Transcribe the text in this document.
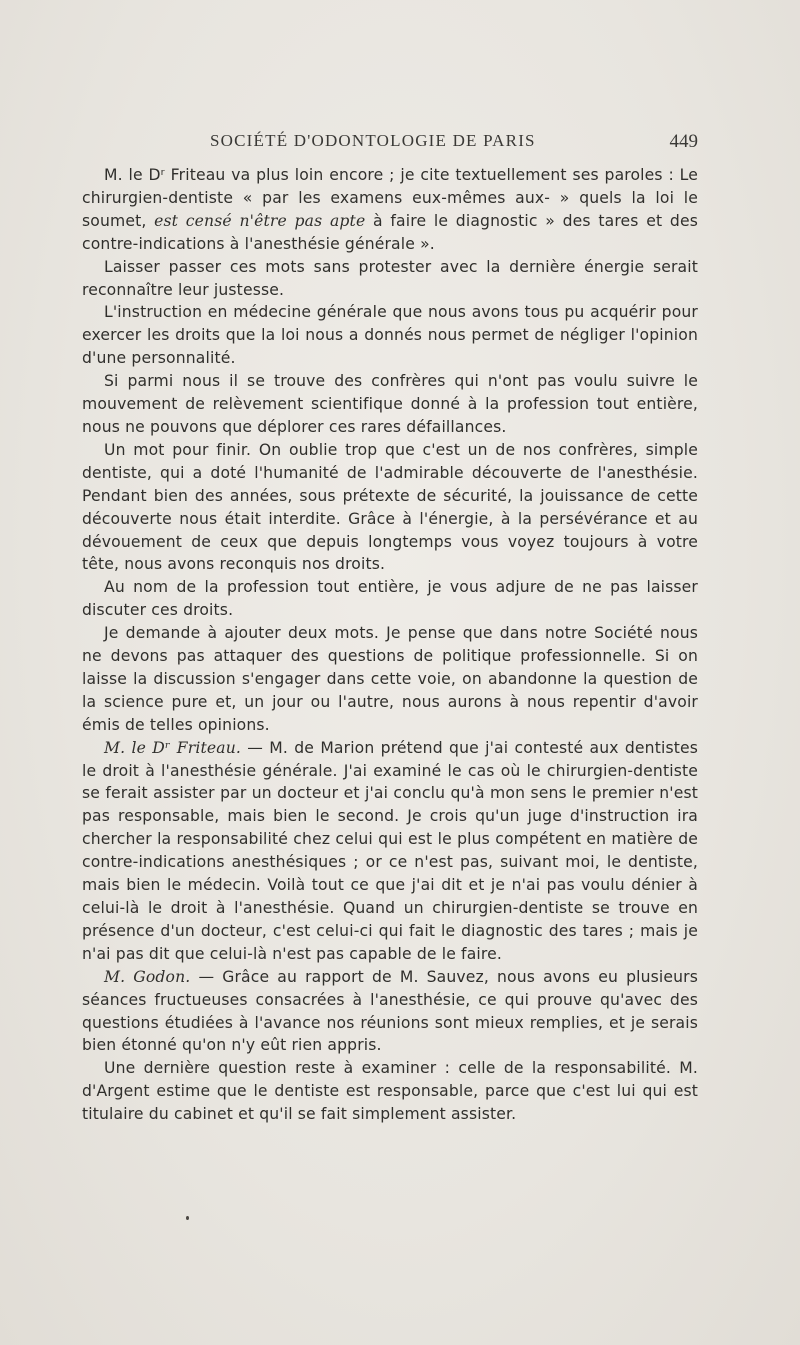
SOCIÉTÉ D'ODONTOLOGIE DE PARIS	449

M. le Dʳ Friteau va plus loin encore ; je cite textuellement ses paroles : Le chirurgien-dentiste « par les examens eux-mêmes aux- » quels la loi le soumet, est censé n'être pas apte à faire le diagnostic » des tares et des contre-indications à l'anesthésie générale ».

Laisser passer ces mots sans protester avec la dernière énergie serait reconnaître leur justesse.

L'instruction en médecine générale que nous avons tous pu acquérir pour exercer les droits que la loi nous a donnés nous permet de négliger l'opinion d'une personnalité.

Si parmi nous il se trouve des confrères qui n'ont pas voulu suivre le mouvement de relèvement scientifique donné à la profession tout entière, nous ne pouvons que déplorer ces rares défaillances.

Un mot pour finir. On oublie trop que c'est un de nos confrères, simple dentiste, qui a doté l'humanité de l'admirable découverte de l'anesthésie. Pendant bien des années, sous prétexte de sécurité, la jouissance de cette découverte nous était interdite. Grâce à l'énergie, à la persévérance et au dévouement de ceux que depuis longtemps vous voyez toujours à votre tête, nous avons reconquis nos droits.

Au nom de la profession tout entière, je vous adjure de ne pas laisser discuter ces droits.

Je demande à ajouter deux mots. Je pense que dans notre Société nous ne devons pas attaquer des questions de politique professionnelle. Si on laisse la discussion s'engager dans cette voie, on abandonne la question de la science pure et, un jour ou l'autre, nous aurons à nous repentir d'avoir émis de telles opinions.

M. le Dʳ Friteau. — M. de Marion prétend que j'ai contesté aux dentistes le droit à l'anesthésie générale. J'ai examiné le cas où le chirurgien-dentiste se ferait assister par un docteur et j'ai conclu qu'à mon sens le premier n'est pas responsable, mais bien le second. Je crois qu'un juge d'instruction ira chercher la responsabilité chez celui qui est le plus compétent en matière de contre-indications anesthésiques ; or ce n'est pas, suivant moi, le dentiste, mais bien le médecin. Voilà tout ce que j'ai dit et je n'ai pas voulu dénier à celui-là le droit à l'anesthésie. Quand un chirurgien-dentiste se trouve en présence d'un docteur, c'est celui-ci qui fait le diagnostic des tares ; mais je n'ai pas dit que celui-là n'est pas capable de le faire.

M. Godon. — Grâce au rapport de M. Sauvez, nous avons eu plusieurs séances fructueuses consacrées à l'anesthésie, ce qui prouve qu'avec des questions étudiées à l'avance nos réunions sont mieux remplies, et je serais bien étonné qu'on n'y eût rien appris.

Une dernière question reste à examiner : celle de la responsabilité. M. d'Argent estime que le dentiste est responsable, parce que c'est lui qui est titulaire du cabinet et qu'il se fait simplement assister.
